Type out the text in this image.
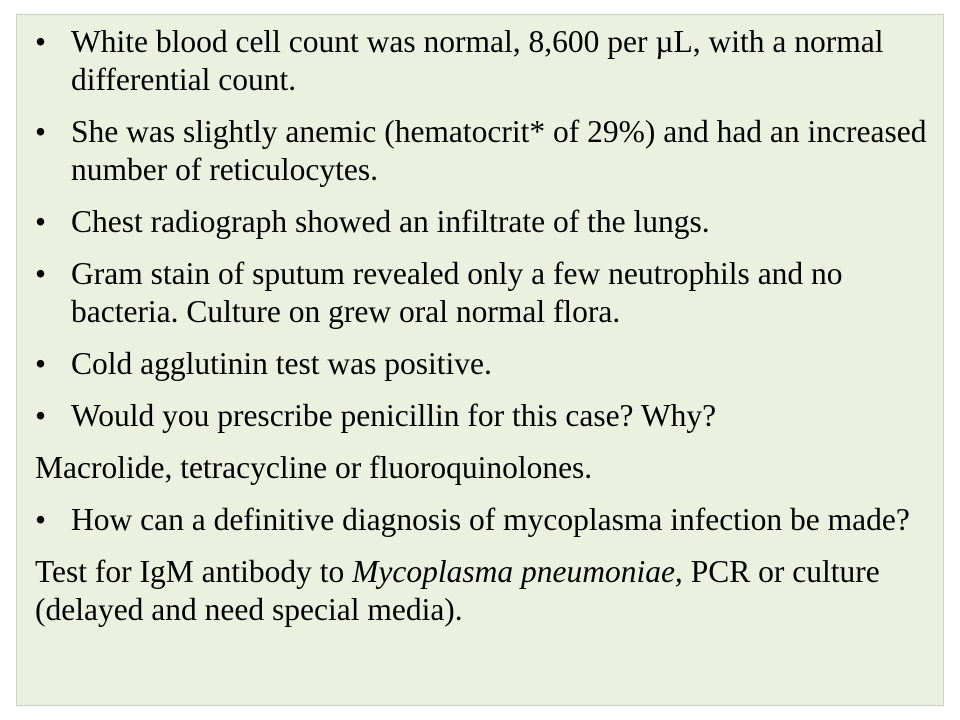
• White blood cell count was normal, 8,600 per µL, with a normal differential count.
• She was slightly anemic (hematocrit* of 29%) and had an increased number of reticulocytes.
• Chest radiograph showed an infiltrate of the lungs.
• Gram stain of sputum revealed only a few neutrophils and no bacteria. Culture on grew oral normal flora.
• Cold agglutinin test was positive.
• Would you prescribe penicillin for this case? Why?
Macrolide, tetracycline or fluoroquinolones.
• How can a definitive diagnosis of mycoplasma infection be made?
Test for IgM antibody to Mycoplasma pneumoniae, PCR or culture (delayed and need special media).
